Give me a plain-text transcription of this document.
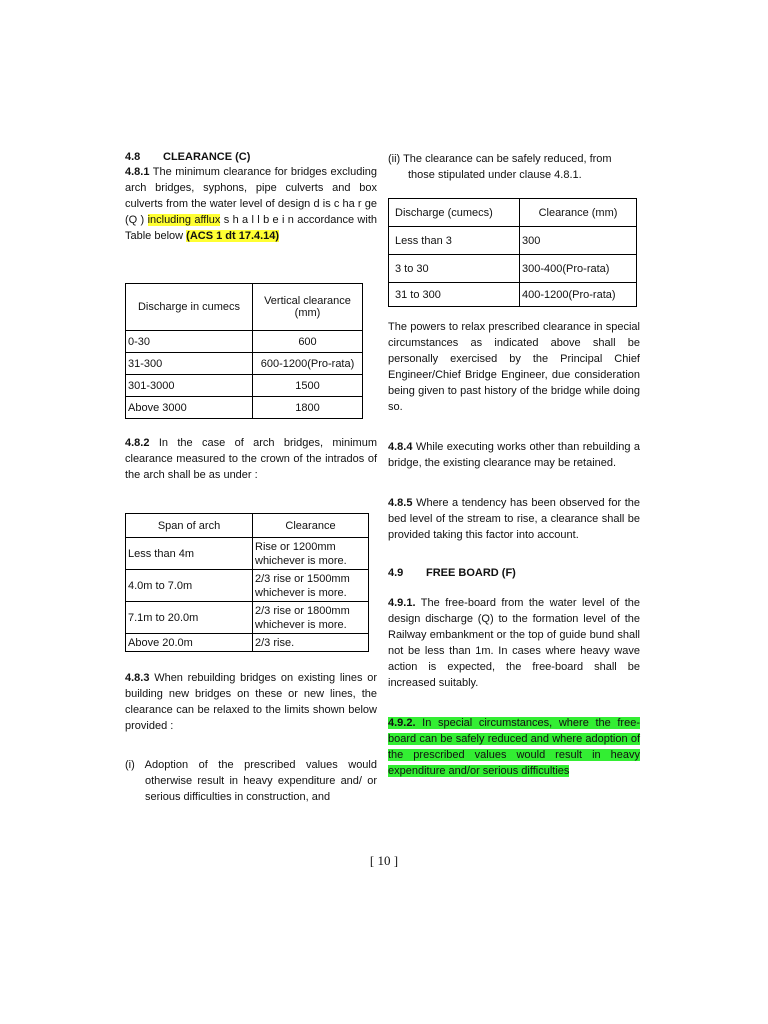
4.8	CLEARANCE (C)

4.8.1 The minimum clearance for bridges excluding arch bridges, syphons, pipe culverts and box culverts from the water level of design d is c ha r ge (Q ) including afflux s h a l l b e i n accordance with Table below (ACS 1 dt 17.4.14)

Discharge in cumecs	Vertical clearance (mm)
0-30	600
31-300	600-1200(Pro-rata)
301-3000	1500
Above 3000	1800

4.8.2 In the case of arch bridges, minimum clearance measured to the crown of the intrados of the arch shall be as under :

Span of arch	Clearance
Less than 4m	Rise or 1200mm whichever is more.
4.0m to 7.0m	2/3 rise or 1500mm whichever is more.
7.1m to 20.0m	2/3 rise or 1800mm whichever is more.
Above 20.0m	2/3 rise.

4.8.3 When rebuilding bridges on existing lines or building new bridges on these or new lines, the clearance can be relaxed to the limits shown below provided :

(i) Adoption of the prescribed values would otherwise result in heavy expenditure and/ or serious difficulties in construction, and

(ii) The clearance can be safely reduced, from those stipulated under clause 4.8.1.

Discharge (cumecs)	Clearance (mm)
Less than 3	300
3 to 30	300-400(Pro-rata)
31 to 300	400-1200(Pro-rata)

The powers to relax prescribed clearance in special circumstances as indicated above shall be personally exercised by the Principal Chief Engineer/Chief Bridge Engineer, due consideration being given to past history of the bridge while doing so.

4.8.4 While executing works other than rebuilding a bridge, the existing clearance may be retained.

4.8.5 Where a tendency has been observed for the bed level of the stream to rise, a clearance shall be provided taking this factor into account.

4.9	FREE BOARD (F)

4.9.1. The free-board from the water level of the design discharge (Q) to the formation level of the Railway embankment or the top of guide bund shall not be less than 1m. In cases where heavy wave action is expected, the free-board shall be increased suitably.

4.9.2. In special circumstances, where the free-board can be safely reduced and where adoption of the prescribed values would result in heavy expenditure and/or serious difficulties

[ 10 ]
